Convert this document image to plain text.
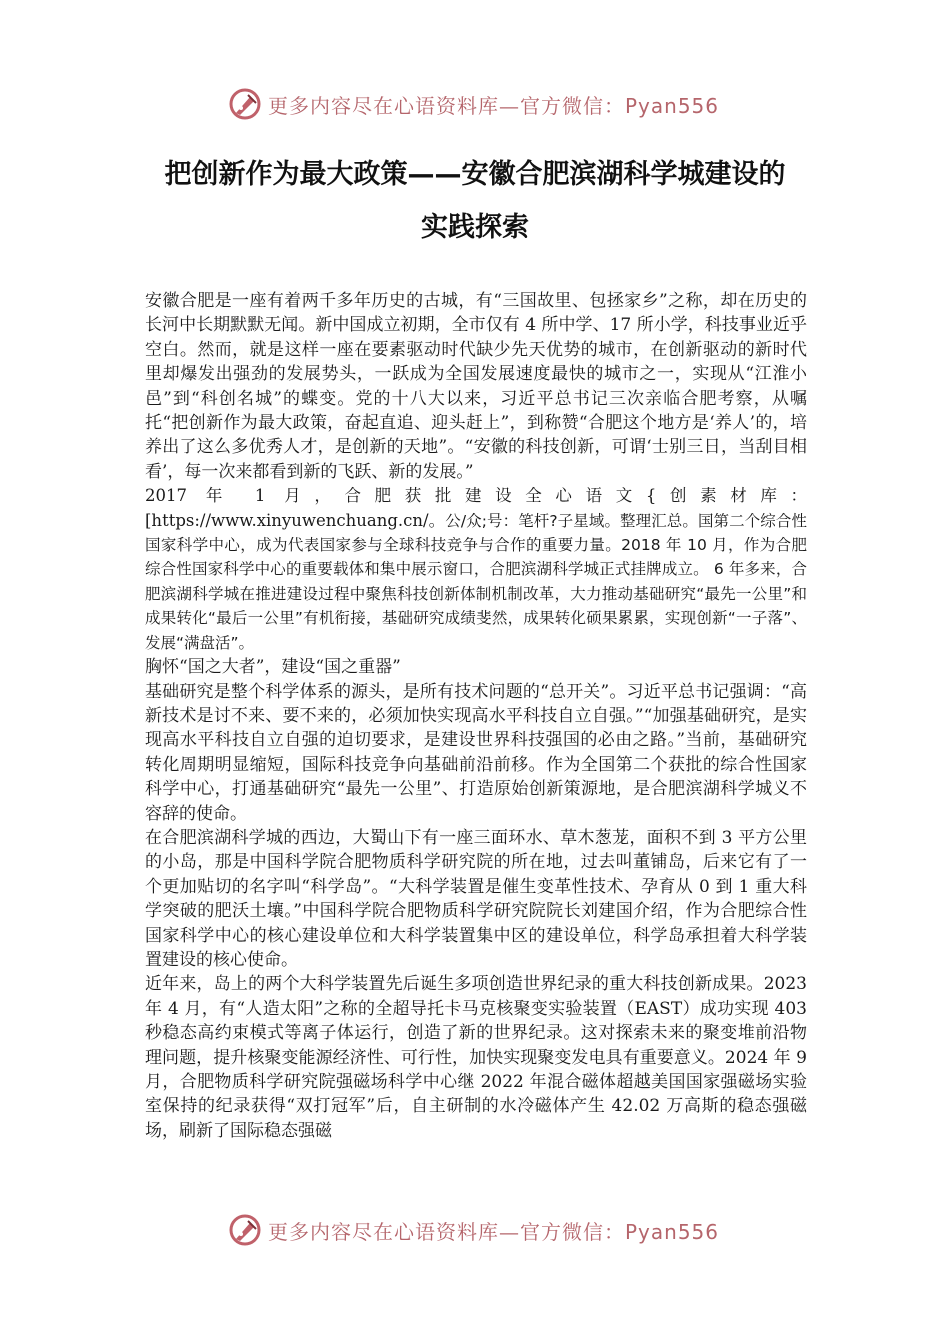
更多内容尽在心语资料库—官方微信：Pyan556
把创新作为最大政策——安徽合肥滨湖科学城建设的
实践探索

安徽合肥是一座有着两千多年历史的古城，有“三国故里、包拯家乡”之称，却在历史的长河中长期默默无闻。新中国成立初期，全市仅有 4 所中学、17 所小学，科技事业近乎空白。然而，就是这样一座在要素驱动时代缺少先天优势的城市，在创新驱动的新时代里却爆发出强劲的发展势头，一跃成为全国发展速度最快的城市之一，实现从“江淮小邑”到“科创名城”的蝶变。党的十八大以来，习近平总书记三次亲临合肥考察，从嘱托“把创新作为最大政策，奋起直追、迎头赶上”，到称赞“合肥这个地方是‘养人’的，培养出了这么多优秀人才，是创新的天地”。“安徽的科技创新，可谓‘士别三日，当刮目相看’，每一次来都看到新的飞跃、新的发展。”

2017 年 1 月，合肥获批建设全心语文{创素材库：[https://www.xinyuwenchuang.cn/。公/众;号：笔杆?子星域。整理汇总。国第二个综合性国家科学中心，成为代表国家参与全球科技竞争与合作的重要力量。2018 年 10 月，作为合肥综合性国家科学中心的重要载体和集中展示窗口，合肥滨湖科学城正式挂牌成立。 6 年多来，合肥滨湖科学城在推进建设过程中聚焦科技创新体制机制改革，大力推动基础研究“最先一公里”和成果转化“最后一公里”有机衔接，基础研究成绩斐然，成果转化硕果累累，实现创新“一子落”、发展“满盘活”。

胸怀“国之大者”，建设“国之重器”

基础研究是整个科学体系的源头，是所有技术问题的“总开关”。习近平总书记强调：“高新技术是讨不来、要不来的，必须加快实现高水平科技自立自强。”“加强基础研究，是实现高水平科技自立自强的迫切要求，是建设世界科技强国的必由之路。”当前，基础研究转化周期明显缩短，国际科技竞争向基础前沿前移。作为全国第二个获批的综合性国家科学中心，打通基础研究“最先一公里”、打造原始创新策源地，是合肥滨湖科学城义不容辞的使命。

在合肥滨湖科学城的西边，大蜀山下有一座三面环水、草木葱茏，面积不到 3 平方公里的小岛，那是中国科学院合肥物质科学研究院的所在地，过去叫董铺岛，后来它有了一个更加贴切的名字叫“科学岛”。“大科学装置是催生变革性技术、孕育从 0 到 1 重大科学突破的肥沃土壤。”中国科学院合肥物质科学研究院院长刘建国介绍，作为合肥综合性国家科学中心的核心建设单位和大科学装置集中区的建设单位，科学岛承担着大科学装置建设的核心使命。

近年来，岛上的两个大科学装置先后诞生多项创造世界纪录的重大科技创新成果。2023 年 4 月，有“人造太阳”之称的全超导托卡马克核聚变实验装置（EAST）成功实现 403 秒稳态高约束模式等离子体运行，创造了新的世界纪录。这对探索未来的聚变堆前沿物理问题，提升核聚变能源经济性、可行性，加快实现聚变发电具有重要意义。2024 年 9 月，合肥物质科学研究院强磁场科学中心继 2022 年混合磁体超越美国国家强磁场实验室保持的纪录获得“双打冠军”后，自主研制的水冷磁体产生 42.02 万高斯的稳态强磁场，刷新了国际稳态强磁

更多内容尽在心语资料库—官方微信：Pyan556
